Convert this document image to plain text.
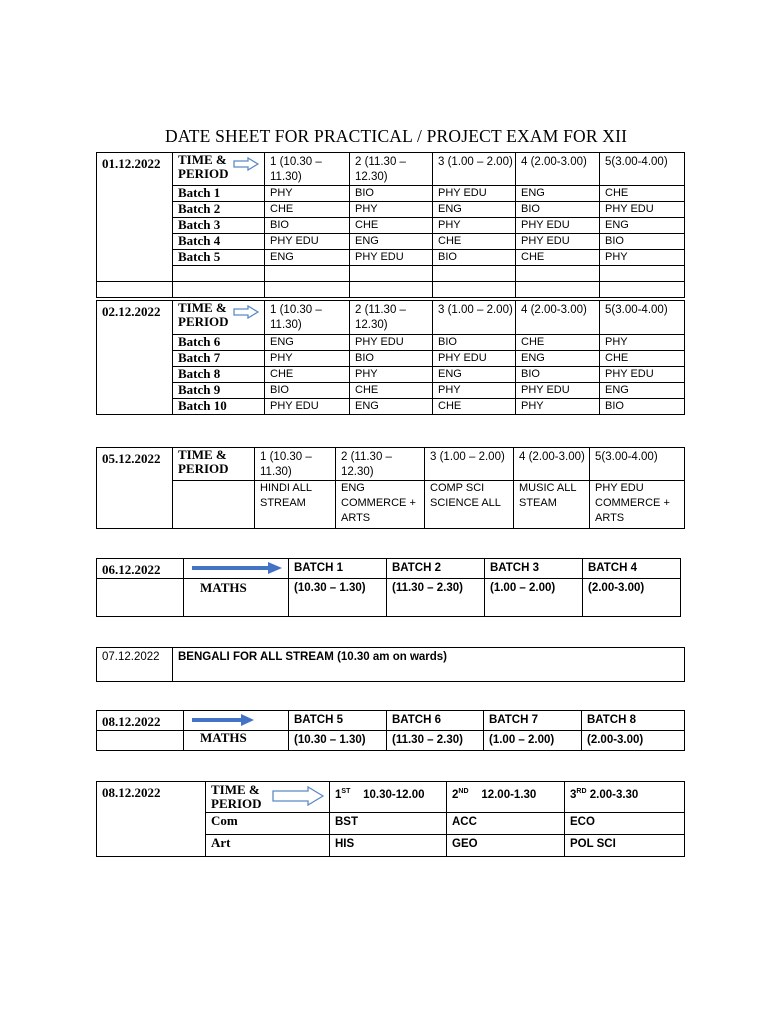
DATE SHEET FOR PRACTICAL / PROJECT EXAM FOR XII
01.12.2022	TIME &
PERIOD	1 (10.30 – 11.30)	2 (11.30 – 12.30)	3 (1.00 – 2.00)	4 (2.00-3.00)	5(3.00-4.00)
	Batch 1	PHY	BIO	PHY EDU	ENG	CHE
	Batch 2	CHE	PHY	ENG	BIO	PHY EDU
	Batch 3	BIO	CHE	PHY	PHY EDU	ENG
	Batch 4	PHY EDU	ENG	CHE	PHY EDU	BIO
	Batch 5	ENG	PHY EDU	BIO	CHE	PHY

02.12.2022	TIME &
PERIOD	1 (10.30 – 11.30)	2 (11.30 – 12.30)	3 (1.00 – 2.00)	4 (2.00-3.00)	5(3.00-4.00)
	Batch 6	ENG	PHY EDU	BIO	CHE	PHY
	Batch 7	PHY	BIO	PHY EDU	ENG	CHE
	Batch 8	CHE	PHY	ENG	BIO	PHY EDU
	Batch 9	BIO	CHE	PHY	PHY EDU	ENG
	Batch 10	PHY EDU	ENG	CHE	PHY	BIO
05.12.2022	TIME &
PERIOD	1 (10.30 – 11.30)	2 (11.30 – 12.30)	3 (1.00 – 2.00)	4 (2.00-3.00)	5(3.00-4.00)
		HINDI ALL STREAM	ENG COMMERCE + ARTS	COMP SCI SCIENCE ALL	MUSIC ALL STEAM	PHY EDU COMMERCE + ARTS
06.12.2022		BATCH 1	BATCH 2	BATCH 3	BATCH 4
	MATHS	(10.30 – 1.30)	(11.30 – 2.30)	(1.00 – 2.00)	(2.00-3.00)
07.12.2022	BENGALI FOR ALL STREAM (10.30 am on wards)
08.12.2022		BATCH 5	BATCH 6	BATCH 7	BATCH 8
	MATHS	(10.30 – 1.30)	(11.30 – 2.30)	(1.00 – 2.00)	(2.00-3.00)
08.12.2022	TIME &
PERIOD	1ST 10.30-12.00	2ND 12.00-1.30	3RD 2.00-3.30
	Com	BST	ACC	ECO
	Art	HIS	GEO	POL SCI
